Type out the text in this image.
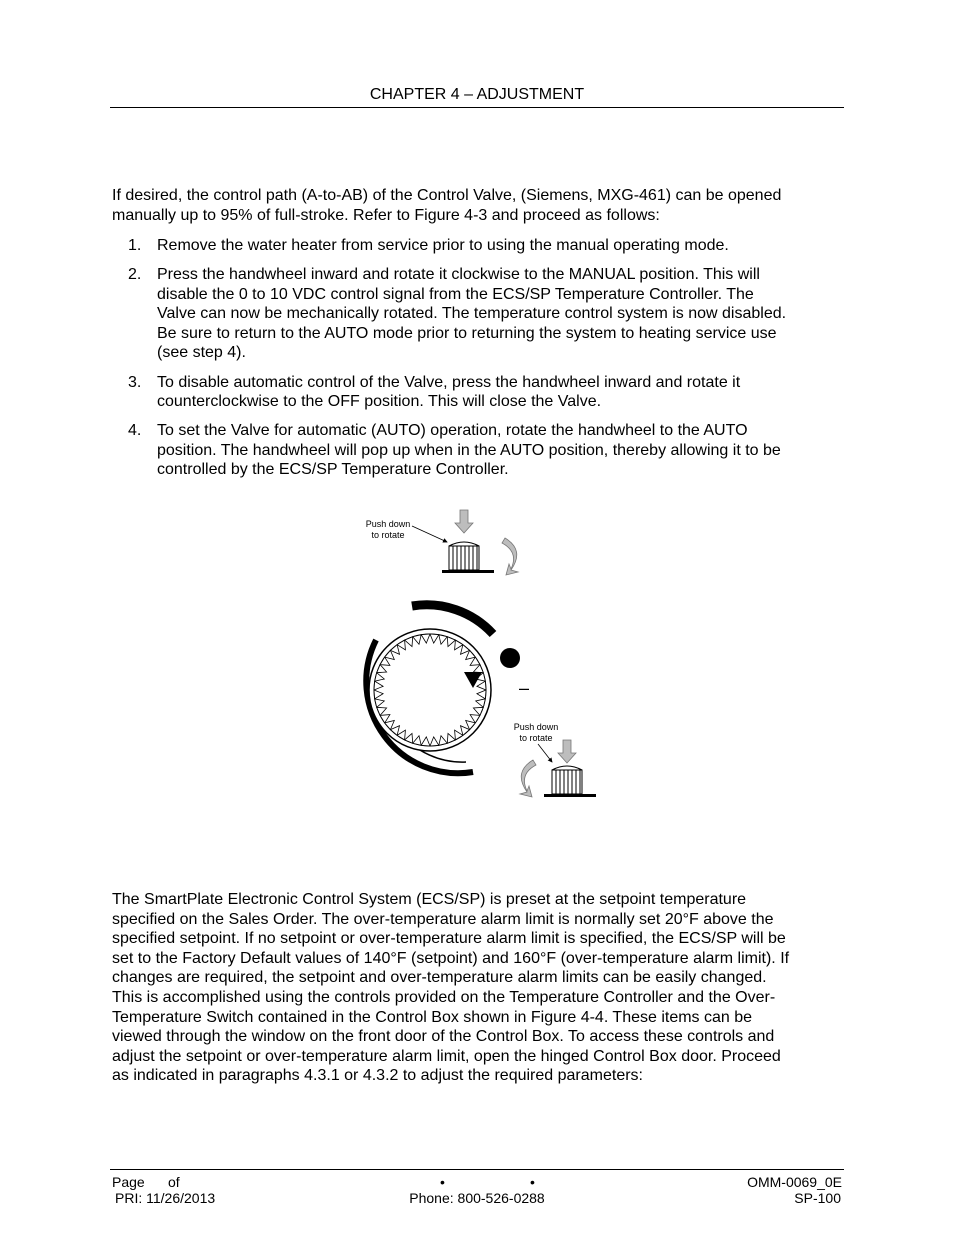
CHAPTER 4 – ADJUSTMENT

If desired, the control path (A-to-AB) of the Control Valve, (Siemens, MXG-461) can be opened

manually up to 95% of full-stroke. Refer to Figure 4-3 and proceed as follows:

1. Remove the water heater from service prior to using the manual operating mode.
2. Press the handwheel inward and rotate it clockwise to the MANUAL position. This will
disable the 0 to 10 VDC control signal from the ECS/SP Temperature Controller. The
Valve can now be mechanically rotated. The temperature control system is now disabled.
Be sure to return to the AUTO mode prior to returning the system to heating service use
(see step 4).
3. To disable automatic control of the Valve, press the handwheel inward and rotate it
counterclockwise to the OFF position. This will close the Valve.
4. To set the Valve for automatic (AUTO) operation, rotate the handwheel to the AUTO
position. The handwheel will pop up when in the AUTO position, thereby allowing it to be
controlled by the ECS/SP Temperature Controller.
Push down
to rotate
–
Push down
to rotate

The SmartPlate Electronic Control System (ECS/SP) is preset at the setpoint temperature

specified on the Sales Order. The over-temperature alarm limit is normally set 20°F above the

specified setpoint. If no setpoint or over-temperature alarm limit is specified, the ECS/SP will be

set to the Factory Default values of 140°F (setpoint) and 160°F (over-temperature alarm limit). If

changes are required, the setpoint and over-temperature alarm limits can be easily changed.

This is accomplished using the controls provided on the Temperature Controller and the Over-

Temperature Switch contained in the Control Box shown in Figure 4-4. These items can be

viewed through the window on the front door of the Control Box. To access these controls and

adjust the setpoint or over-temperature alarm limit, open the hinged Control Box door. Proceed

as indicated in paragraphs 4.3.1 or 4.3.2 to adjust the required parameters:

Page of
PRI: 11/26/2013
•	•
Phone: 800-526-0288
OMM-0069_0E
SP-100
